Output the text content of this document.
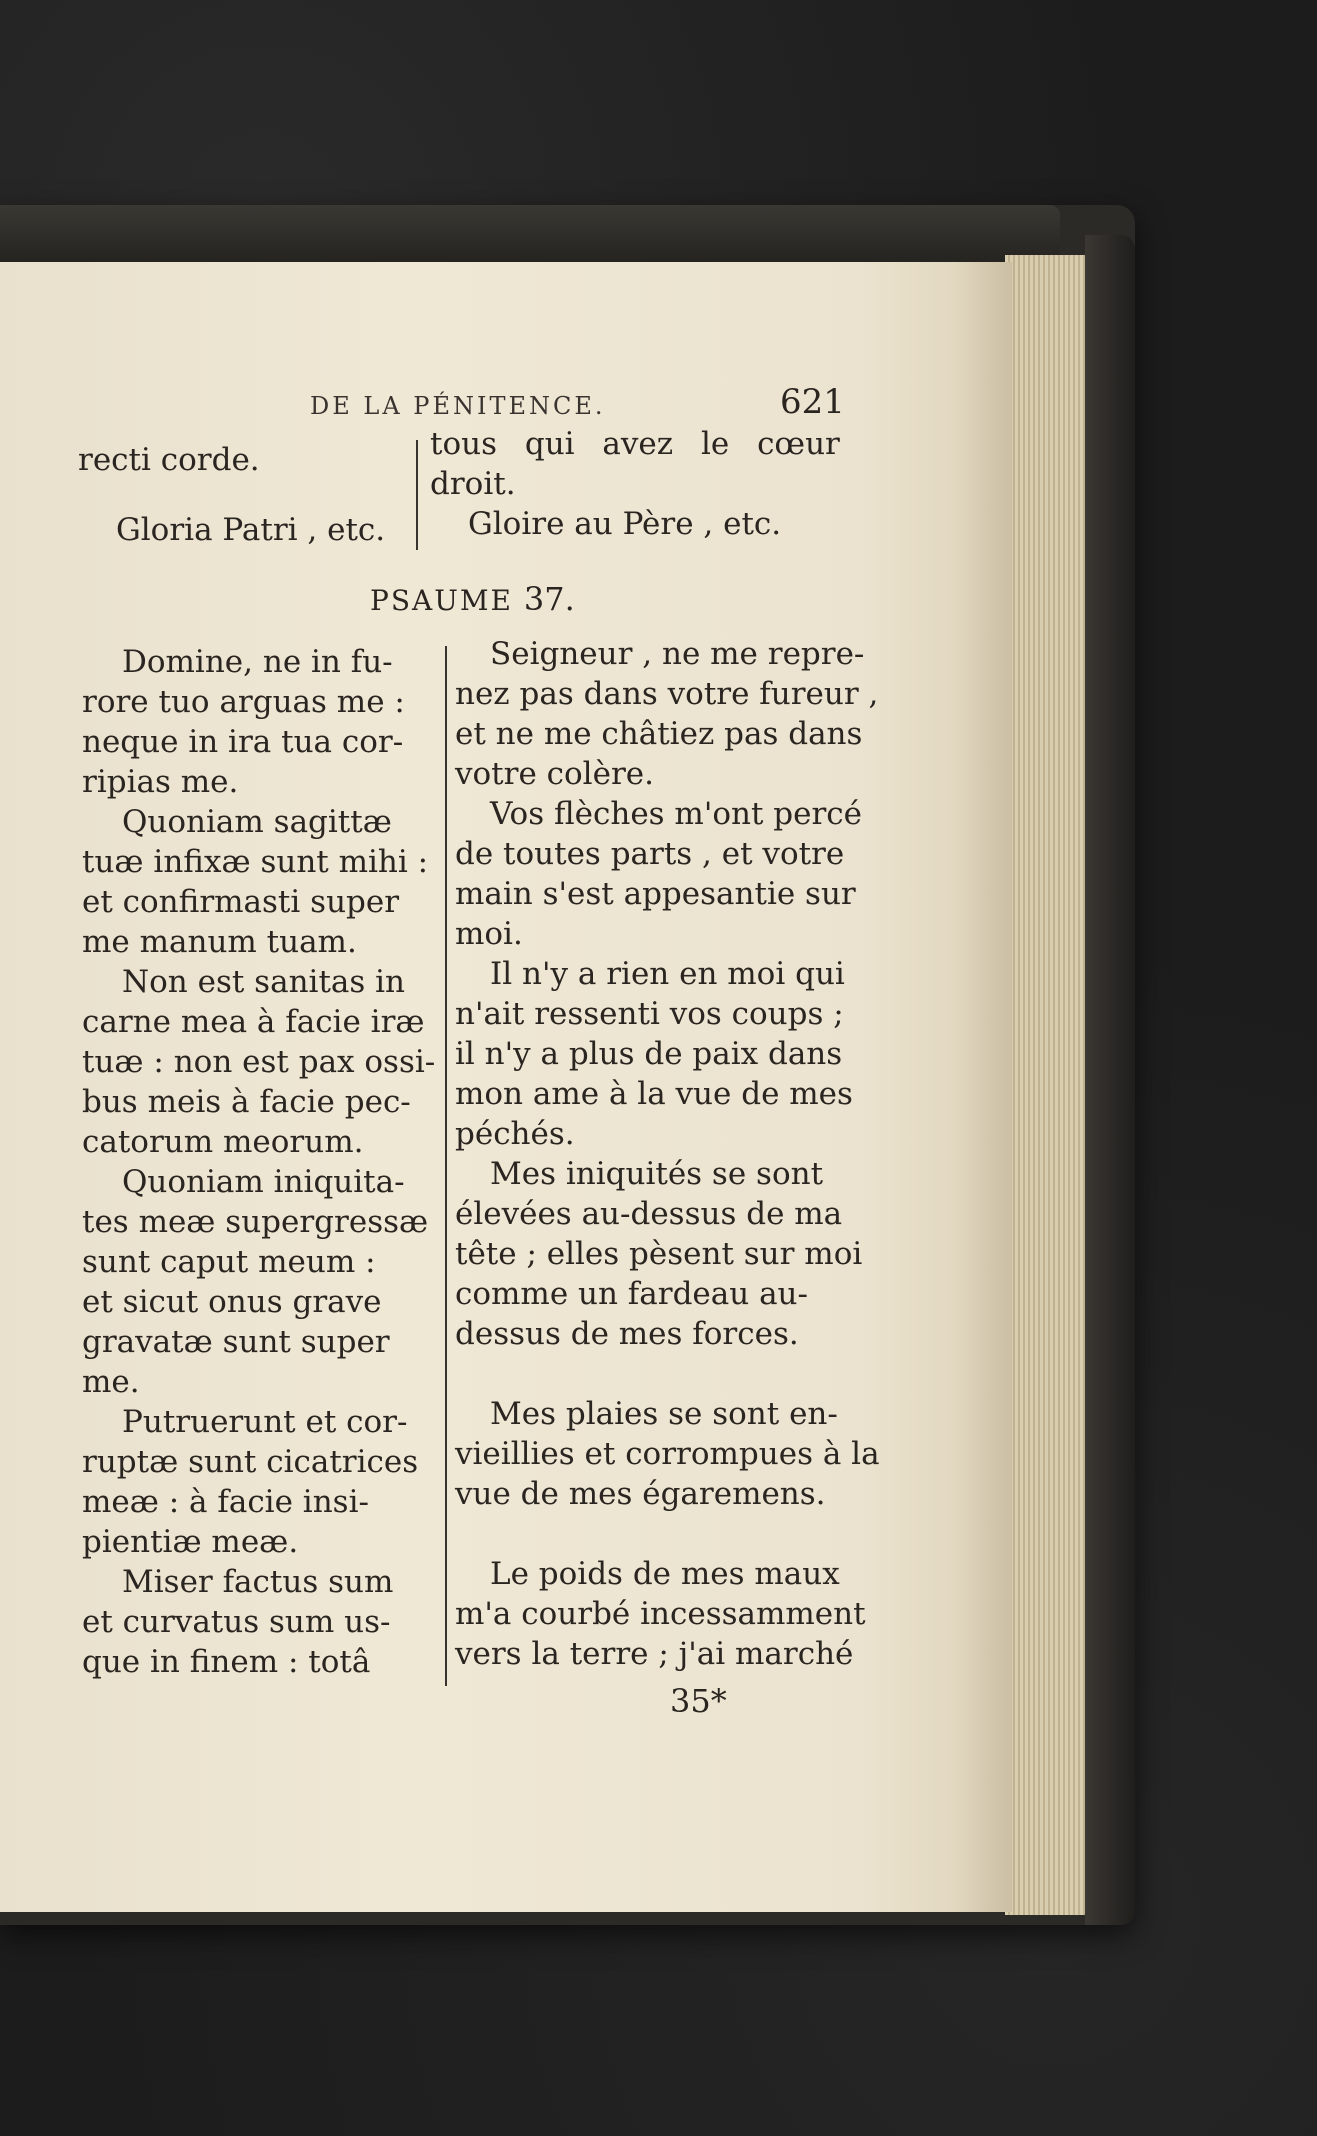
DE LA PÉNITENCE.	621
recti corde.
Gloria Patri , etc.
tous qui avez le cœur
droit.
Gloire au Père , etc.
PSAUME 37.
Domine, ne in fu-
rore tuo arguas me :
neque in ira tua cor-
ripias me.
Quoniam sagittæ
tuæ infixæ sunt mihi :
et confirmasti super
me manum tuam.
Non est sanitas in
carne mea à facie iræ
tuæ : non est pax ossi-
bus meis à facie pec-
catorum meorum.
Quoniam iniquita-
tes meæ supergressæ
sunt caput meum :
et sicut onus grave
gravatæ sunt super
me.
Putruerunt et cor-
ruptæ sunt cicatrices
meæ : à facie insi-
pientiæ meæ.
Miser factus sum
et curvatus sum us-
que in finem : totâ
Seigneur , ne me repre-
nez pas dans votre fureur ,
et ne me châtiez pas dans
votre colère.
Vos flèches m'ont percé
de toutes parts , et votre
main s'est appesantie sur
moi.
Il n'y a rien en moi qui
n'ait ressenti vos coups ;
il n'y a plus de paix dans
mon ame à la vue de mes
péchés.
Mes iniquités se sont
élevées au-dessus de ma
tête ; elles pèsent sur moi
comme un fardeau au-
dessus de mes forces.
Mes plaies se sont en-
vieillies et corrompues à la
vue de mes égaremens.
Le poids de mes maux
m'a courbé incessamment
vers la terre ; j'ai marché
35*
